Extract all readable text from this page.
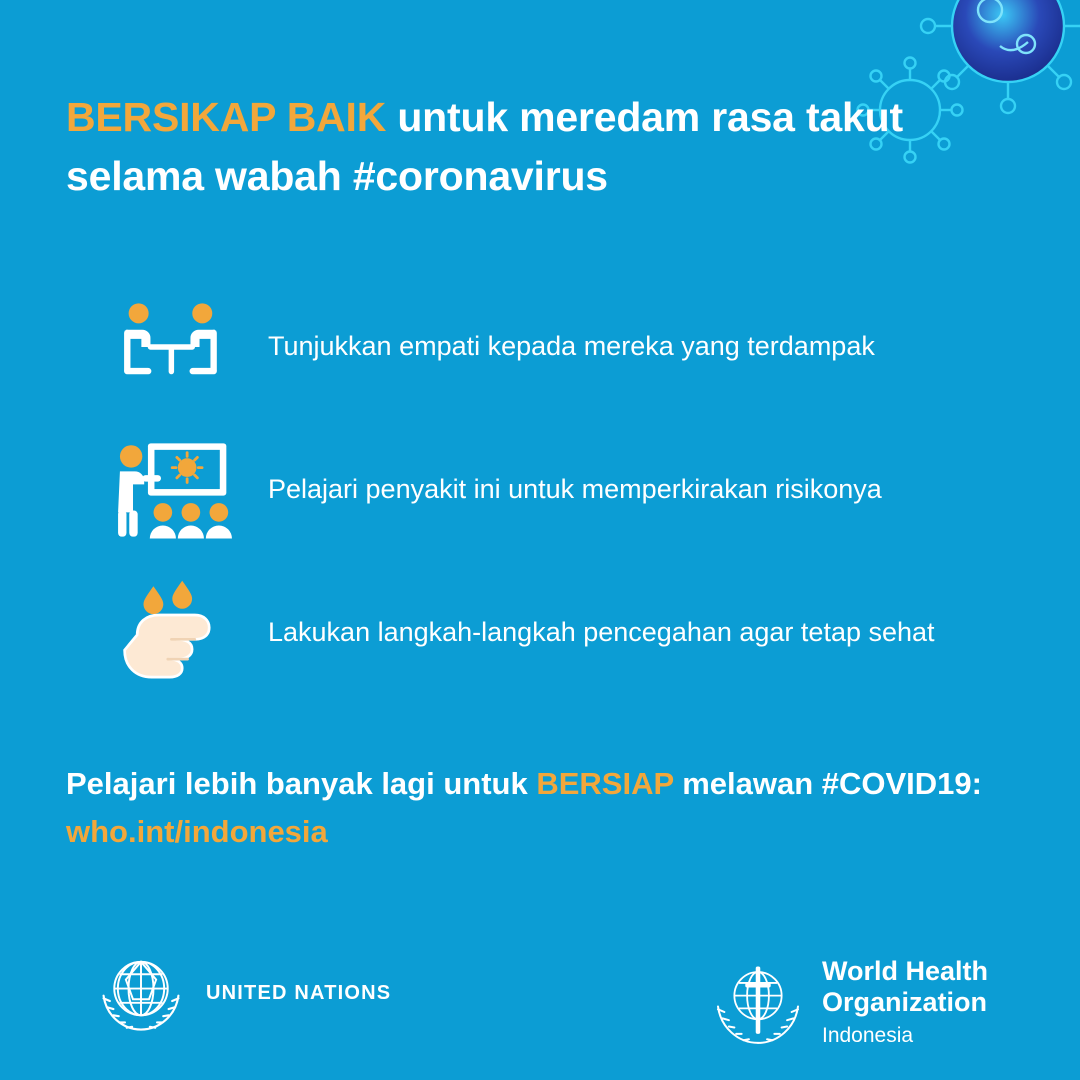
BERSIKAP BAIK untuk meredam rasa takut selama wabah #coronavirus
Tunjukkan empati kepada mereka yang terdampak
Pelajari penyakit ini untuk memperkirakan risikonya
Lakukan langkah-langkah pencegahan agar tetap sehat
Pelajari lebih banyak lagi untuk BERSIAP melawan #COVID19: who.int/indonesia
UNITED NATIONS
World Health
Organization
Indonesia
